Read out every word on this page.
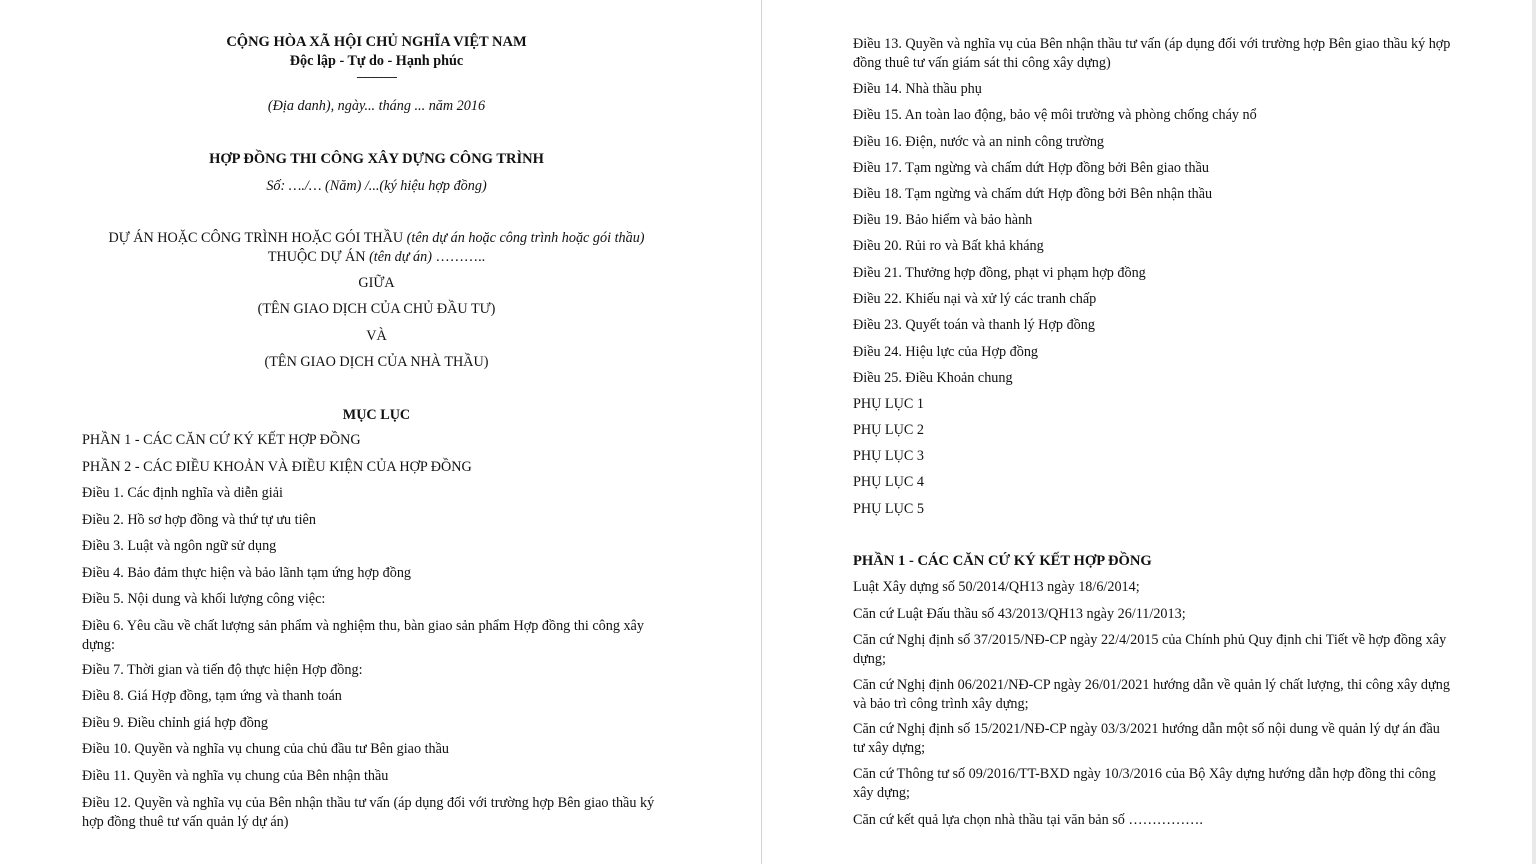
CỘNG HÒA XÃ HỘI CHỦ NGHĨA VIỆT NAM
Độc lập - Tự do - Hạnh phúc
---------------
(Địa danh), ngày... tháng ... năm 2016
HỢP ĐỒNG THI CÔNG XÂY DỰNG CÔNG TRÌNH
Số: …./… (Năm) /...(ký hiệu hợp đồng)
DỰ ÁN HOẶC CÔNG TRÌNH HOẶC GÓI THẦU (tên dự án hoặc công trình hoặc gói thầu) THUỘC DỰ ÁN (tên dự án) ………..
GIỮA
(TÊN GIAO DỊCH CỦA CHỦ ĐẦU TƯ)
VÀ
(TÊN GIAO DỊCH CỦA NHÀ THẦU)
MỤC LỤC
PHẦN 1 - CÁC CĂN CỨ KÝ KẾT HỢP ĐỒNG
PHẦN 2 - CÁC ĐIỀU KHOẢN VÀ ĐIỀU KIỆN CỦA HỢP ĐỒNG
Điều 1. Các định nghĩa và diễn giải
Điều 2. Hồ sơ hợp đồng và thứ tự ưu tiên
Điều 3. Luật và ngôn ngữ sử dụng
Điều 4. Bảo đảm thực hiện và bảo lãnh tạm ứng hợp đồng
Điều 5. Nội dung và khối lượng công việc:
Điều 6. Yêu cầu về chất lượng sản phẩm và nghiệm thu, bàn giao sản phẩm Hợp đồng thi công xây dựng:
Điều 7. Thời gian và tiến độ thực hiện Hợp đồng:
Điều 8. Giá Hợp đồng, tạm ứng và thanh toán
Điều 9. Điều chỉnh giá hợp đồng
Điều 10. Quyền và nghĩa vụ chung của chủ đầu tư Bên giao thầu
Điều 11. Quyền và nghĩa vụ chung của Bên nhận thầu
Điều 12. Quyền và nghĩa vụ của Bên nhận thầu tư vấn (áp dụng đối với trường hợp Bên giao thầu ký hợp đồng thuê tư vấn quản lý dự án)
Điều 13. Quyền và nghĩa vụ của Bên nhận thầu tư vấn (áp dụng đối với trường hợp Bên giao thầu ký hợp đồng thuê tư vấn giám sát thi công xây dựng)
Điều 14. Nhà thầu phụ
Điều 15. An toàn lao động, bảo vệ môi trường và phòng chống cháy nổ
Điều 16. Điện, nước và an ninh công trường
Điều 17. Tạm ngừng và chấm dứt Hợp đồng bởi Bên giao thầu
Điều 18. Tạm ngừng và chấm dứt Hợp đồng bởi Bên nhận thầu
Điều 19. Bảo hiểm và bảo hành
Điều 20. Rủi ro và Bất khả kháng
Điều 21. Thưởng hợp đồng, phạt vi phạm hợp đồng
Điều 22. Khiếu nại và xử lý các tranh chấp
Điều 23. Quyết toán và thanh lý Hợp đồng
Điều 24. Hiệu lực của Hợp đồng
Điều 25. Điều Khoản chung
PHỤ LỤC 1
PHỤ LỤC 2
PHỤ LỤC 3
PHỤ LỤC 4
PHỤ LỤC 5
PHẦN 1 - CÁC CĂN CỨ KÝ KẾT HỢP ĐỒNG
Luật Xây dựng số 50/2014/QH13 ngày 18/6/2014;
Căn cứ Luật Đấu thầu số 43/2013/QH13 ngày 26/11/2013;
Căn cứ Nghị định số 37/2015/NĐ-CP ngày 22/4/2015 của Chính phủ Quy định chi Tiết về hợp đồng xây dựng;
Căn cứ Nghị định 06/2021/NĐ-CP ngày 26/01/2021 hướng dẫn về quản lý chất lượng, thi công xây dựng và bảo trì công trình xây dựng;
Căn cứ Nghị định số 15/2021/NĐ-CP ngày 03/3/2021 hướng dẫn một số nội dung về quản lý dự án đầu tư xây dựng;
Căn cứ Thông tư số 09/2016/TT-BXD ngày 10/3/2016 của Bộ Xây dựng hướng dẫn hợp đồng thi công xây dựng;
Căn cứ kết quả lựa chọn nhà thầu tại văn bản số …………….
